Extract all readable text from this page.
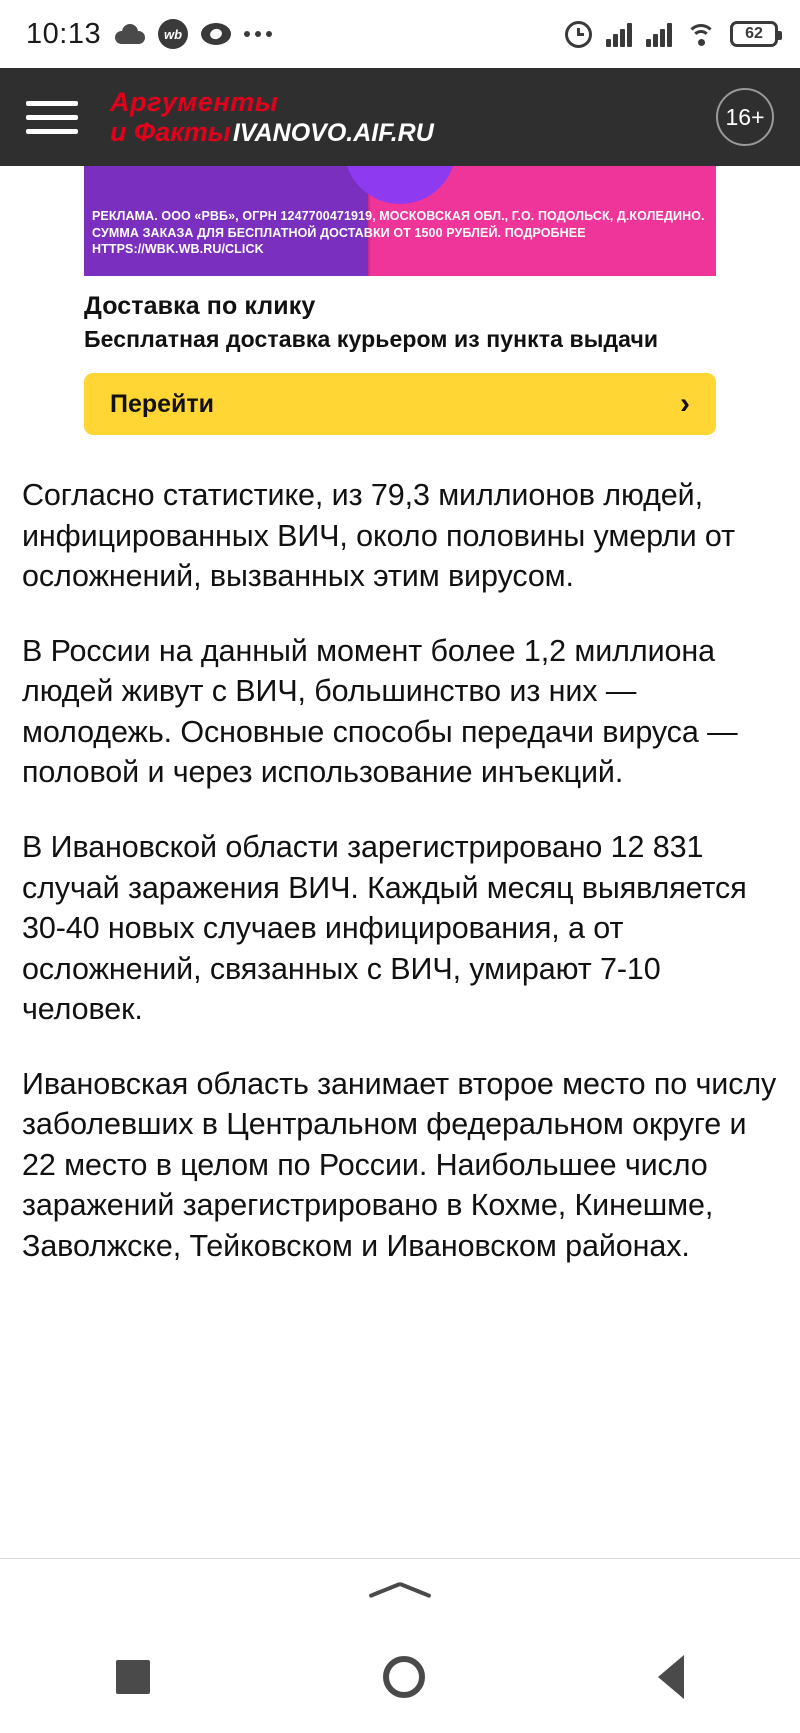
10:13	wb	62
Аргументы
и Факты IVANOVO.AIF.RU
16+
РЕКЛАМА. ООО «РВБ», ОГРН 1247700471919, МОСКОВСКАЯ ОБЛ., Г.О. ПОДОЛЬСК, Д.КОЛЕДИНО. СУММА ЗАКАЗА ДЛЯ БЕСПЛАТНОЙ ДОСТАВКИ ОТ 1500 РУБЛЕЙ. ПОДРОБНЕЕ HTTPS://WBK.WB.RU/CLICK
Доставка по клику
Бесплатная доставка курьером из пункта выдачи
Перейти	›

Согласно статистике, из 79,3 миллионов людей, инфицированных ВИЧ, около половины умерли от осложнений, вызванных этим вирусом.

В России на данный момент более 1,2 миллиона людей живут с ВИЧ, большинство из них — молодежь. Основные способы передачи вируса — половой и через использование инъекций.

В Ивановской области зарегистрировано 12 831 случай заражения ВИЧ. Каждый месяц выявляется 30-40 новых случаев инфицирования, а от осложнений, связанных с ВИЧ, умирают 7-10 человек.

Ивановская область занимает второе место по числу заболевших в Центральном федеральном округе и 22 место в целом по России. Наибольшее число заражений зарегистрировано в Кохме, Кинешме, Заволжске, Тейковском и Ивановском районах.
